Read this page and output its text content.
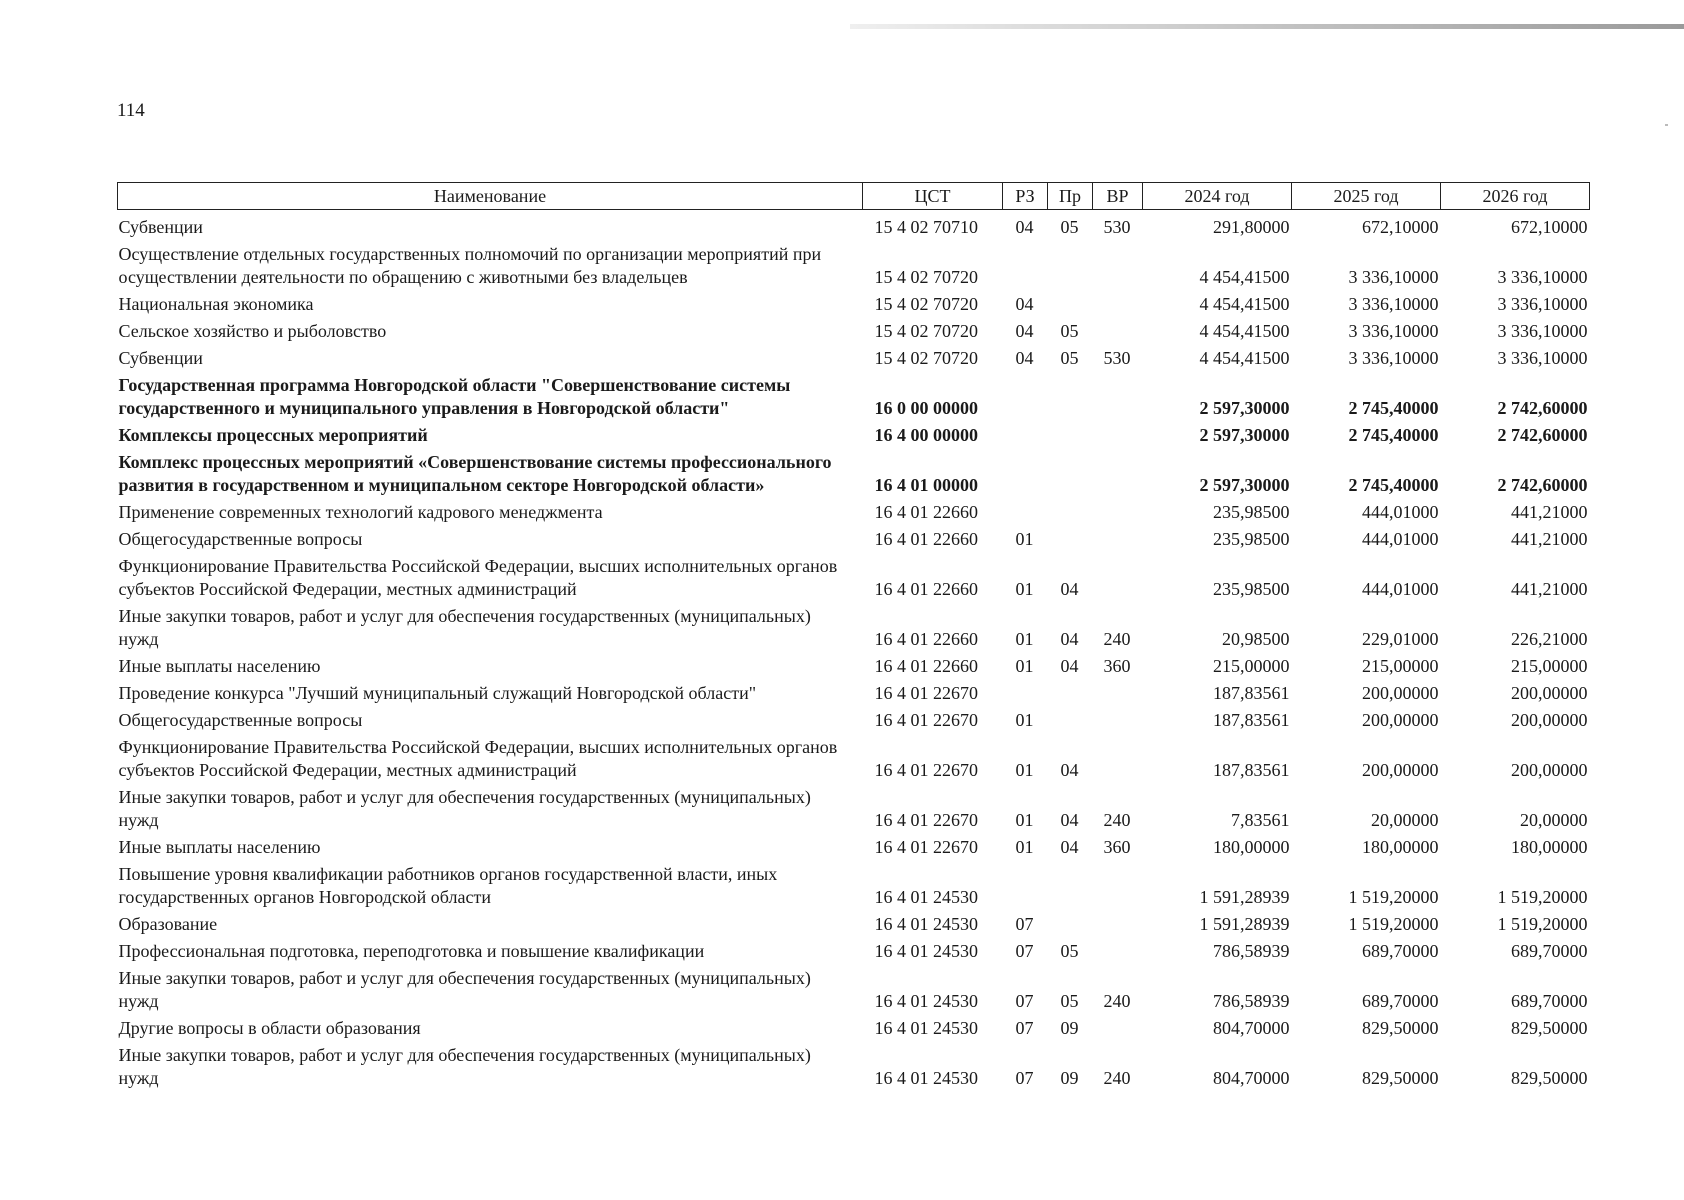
114
Наименование	ЦСТ	РЗ	Пр	ВР	2024 год	2025 год	2026 год
Субвенции	15 4 02 70710	04	05	530	291,80000	672,10000	672,10000
Осуществление отдельных государственных полномочий по организации мероприятий при осуществлении деятельности по обращению с животными без владельцев	15 4 02 70720				4 454,41500	3 336,10000	3 336,10000
Национальная экономика	15 4 02 70720	04			4 454,41500	3 336,10000	3 336,10000
Сельское хозяйство и рыболовство	15 4 02 70720	04	05		4 454,41500	3 336,10000	3 336,10000
Субвенции	15 4 02 70720	04	05	530	4 454,41500	3 336,10000	3 336,10000
Государственная программа Новгородской области "Совершенствование системы государственного и муниципального управления в Новгородской области"	16 0 00 00000				2 597,30000	2 745,40000	2 742,60000
Комплексы процессных мероприятий	16 4 00 00000				2 597,30000	2 745,40000	2 742,60000
Комплекс процессных мероприятий «Совершенствование системы профессионального развития в государственном и муниципальном секторе Новгородской области»	16 4 01 00000				2 597,30000	2 745,40000	2 742,60000
Применение современных технологий кадрового менеджмента	16 4 01 22660				235,98500	444,01000	441,21000
Общегосударственные вопросы	16 4 01 22660	01			235,98500	444,01000	441,21000
Функционирование Правительства Российской Федерации, высших исполнительных органов субъектов Российской Федерации, местных администраций	16 4 01 22660	01	04		235,98500	444,01000	441,21000
Иные закупки товаров, работ и услуг для обеспечения государственных (муниципальных) нужд	16 4 01 22660	01	04	240	20,98500	229,01000	226,21000
Иные выплаты населению	16 4 01 22660	01	04	360	215,00000	215,00000	215,00000
Проведение конкурса "Лучший муниципальный служащий Новгородской области"	16 4 01 22670				187,83561	200,00000	200,00000
Общегосударственные вопросы	16 4 01 22670	01			187,83561	200,00000	200,00000
Функционирование Правительства Российской Федерации, высших исполнительных органов субъектов Российской Федерации, местных администраций	16 4 01 22670	01	04		187,83561	200,00000	200,00000
Иные закупки товаров, работ и услуг для обеспечения государственных (муниципальных) нужд	16 4 01 22670	01	04	240	7,83561	20,00000	20,00000
Иные выплаты населению	16 4 01 22670	01	04	360	180,00000	180,00000	180,00000
Повышение уровня квалификации работников органов государственной власти, иных государственных органов Новгородской области	16 4 01 24530				1 591,28939	1 519,20000	1 519,20000
Образование	16 4 01 24530	07			1 591,28939	1 519,20000	1 519,20000
Профессиональная подготовка, переподготовка и повышение квалификации	16 4 01 24530	07	05		786,58939	689,70000	689,70000
Иные закупки товаров, работ и услуг для обеспечения государственных (муниципальных) нужд	16 4 01 24530	07	05	240	786,58939	689,70000	689,70000
Другие вопросы в области образования	16 4 01 24530	07	09		804,70000	829,50000	829,50000
Иные закупки товаров, работ и услуг для обеспечения государственных (муниципальных) нужд	16 4 01 24530	07	09	240	804,70000	829,50000	829,50000
